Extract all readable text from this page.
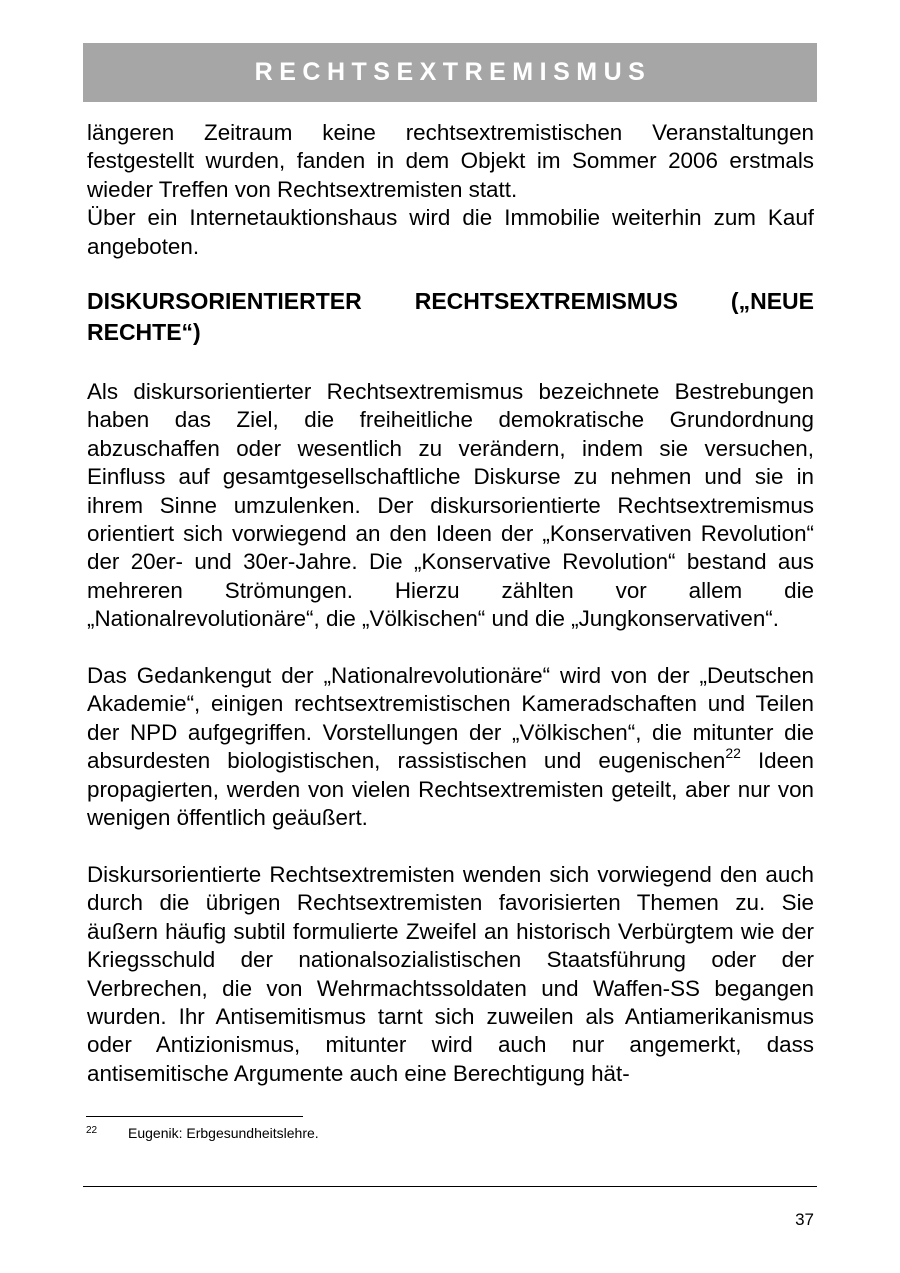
RECHTSEXTREMISMUS

längeren Zeitraum keine rechtsextremistischen Veranstaltungen festgestellt wurden, fanden in dem Objekt im Sommer 2006 erstmals wieder Treffen von Rechtsextremisten statt.

Über ein Internetauktionshaus wird die Immobilie weiterhin zum Kauf angeboten.

DISKURSORIENTIERTER RECHTSEXTREMISMUS („NEUE RECHTE“)

Als diskursorientierter Rechtsextremismus bezeichnete Bestrebungen haben das Ziel, die freiheitliche demokratische Grundordnung abzuschaffen oder wesentlich zu verändern, indem sie versuchen, Einfluss auf gesamtgesellschaftliche Diskurse zu nehmen und sie in ihrem Sinne umzulenken. Der diskursorientierte Rechtsextremismus orientiert sich vorwiegend an den Ideen der „Konservativen Revolution“ der 20er- und 30er-Jahre. Die „Konservative Revolution“ bestand aus mehreren Strömungen. Hierzu zählten vor allem die „Nationalrevolutionäre“, die „Völkischen“ und die „Jungkonservativen“.

Das Gedankengut der „Nationalrevolutionäre“ wird von der „Deutschen Akademie“, einigen rechtsextremistischen Kameradschaften und Teilen der NPD aufgegriffen. Vorstellungen der „Völkischen“, die mitunter die absurdesten biologistischen, rassistischen und eugenischen$^{22}$ Ideen propagierten, werden von vielen Rechtsextremisten geteilt, aber nur von wenigen öffentlich geäußert.

Diskursorientierte Rechtsextremisten wenden sich vorwiegend den auch durch die übrigen Rechtsextremisten favorisierten Themen zu. Sie äußern häufig subtil formulierte Zweifel an historisch Verbürgtem wie der Kriegsschuld der nationalsozialistischen Staatsführung oder der Verbrechen, die von Wehrmachtssoldaten und Waffen-SS begangen wurden. Ihr Antisemitismus tarnt sich zuweilen als Antiamerikanismus oder Antizionismus, mitunter wird auch nur angemerkt, dass antisemitische Argumente auch eine Berechtigung hät-

22	Eugenik: Erbgesundheitslehre.
37
